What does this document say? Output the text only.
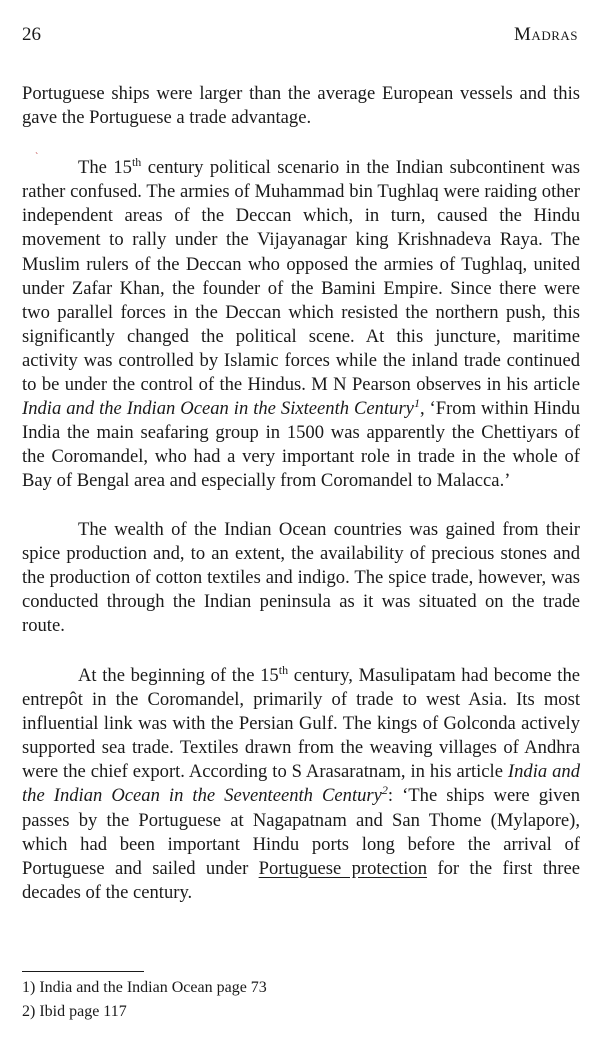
26	Madras
`

Portuguese ships were larger than the average European vessels and this gave the Portuguese a trade advantage.

The 15th century political scenario in the Indian subcontinent was rather confused. The armies of Muhammad bin Tughlaq were raiding other independent areas of the Deccan which, in turn, caused the Hindu movement to rally under the Vijayanagar king Krishnadeva Raya. The Muslim rulers of the Deccan who opposed the armies of Tughlaq, united under Zafar Khan, the founder of the Bamini Empire. Since there were two parallel forces in the Deccan which resisted the northern push, this significantly changed the political scene. At this juncture, maritime activity was controlled by Islamic forces while the inland trade continued to be under the control of the Hindus. M N Pearson observes in his article India and the Indian Ocean in the Sixteenth Century$^1$, ‘From within Hindu India the main seafaring group in 1500 was apparently the Chettiyars of the Coromandel, who had a very important role in trade in the whole of Bay of Bengal area and especially from Coromandel to Malacca.’

The wealth of the Indian Ocean countries was gained from their spice production and, to an extent, the availability of precious stones and the production of cotton textiles and indigo. The spice trade, however, was conducted through the Indian peninsula as it was situated on the trade route.

At the beginning of the 15th century, Masulipatam had become the entrepôt in the Coromandel, primarily of trade to west Asia. Its most influential link was with the Persian Gulf. The kings of Golconda actively supported sea trade. Textiles drawn from the weaving villages of Andhra were the chief export. According to S Arasaratnam, in his article India and the Indian Ocean in the Seventeenth Century$^2$: ‘The ships were given passes by the Portuguese at Nagapatnam and San Thome (Mylapore), which had been important Hindu ports long before the arrival of Portuguese and sailed under Portuguese protection for the first three decades of the century.

1) India and the Indian Ocean page 73

2) Ibid page 117
